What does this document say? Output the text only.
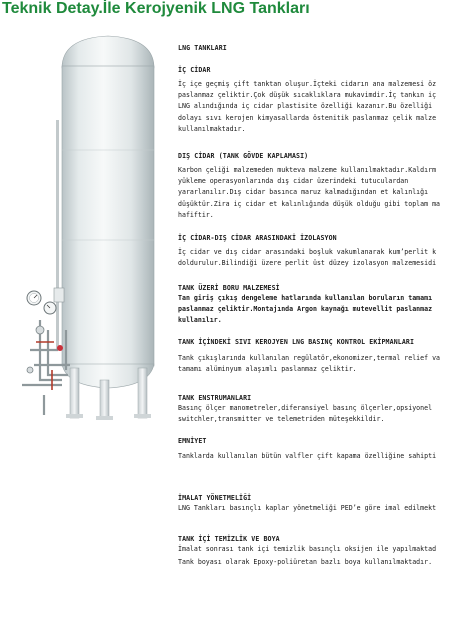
Teknik Detay.İle Kerojyenik LNG Tankları
LNG TANKLARI
İÇ CİDAR
İç içe geçmiş çift tanktan oluşur.İçteki cidarın ana malzemesi öz
paslanmaz çeliktir.Çok düşük sıcaklıklara mukavimdir.İç tankın iç
LNG alındığında iç cidar plastisite özelliği kazanır.Bu özelliği
dolayı sıvı kerojen kimyasallarda östenitik paslanmaz çelik malze
kullanılmaktadır.
DIŞ CİDAR (TANK GÖVDE KAPLAMASI)
Karbon çeliği malzemeden mukteva malzeme kullanılmaktadır.Kaldırm
yükleme operasyonlarında dış cidar üzerindeki tutuculardan
yararlanılır.Dış cidar basınca maruz kalmadığından et kalınlığı
düşüktür.Zira iç cidar et kalınlığında düşük olduğu gibi toplam ma
hafiftir.
İÇ CİDAR-DIŞ CİDAR ARASINDAKİ İZOLASYON
İç cidar ve dış cidar arasındaki boşluk vakumlanarak kum’perlit k
doldurulur.Bilindiği üzere perlit üst düzey izolasyon malzemesidi
TANK ÜZERİ BORU MALZEMESİ
Tan giriş çıkış dengeleme hatlarında kullanılan boruların tamamı
paslanmaz çeliktir.Montajında Argon kaynağı mutevellit paslanmaz
kullanılır.
TANK İÇİNDEKİ SIVI KEROJYEN LNG BASINÇ KONTROL EKİPMANLARI
Tank çıkışlarında kullanılan regülatör,ekonomizer,termal relief va
tamamı alüminyum alaşımlı paslanmaz çeliktir.
TANK ENSTRUMANLARI
Basınç ölçer manometreler,diferansiyel basınç ölçerler,opsiyonel
switchler,transmitter ve telemetriden müteşekkildir.
EMNİYET
Tanklarda kullanılan bütün valfler çift kapama özelliğine sahipti
İMALAT YÖNETMELİĞİ
LNG Tankları basınçlı kaplar yönetmeliği PED’e göre imal edilmekt
TANK İÇİ TEMİZLİK VE BOYA
İmalat sonrası tank içi temizlik basınçlı oksijen ile yapılmaktad
Tank boyası olarak Epoxy-poliüretan bazlı boya kullanılmaktadır.
